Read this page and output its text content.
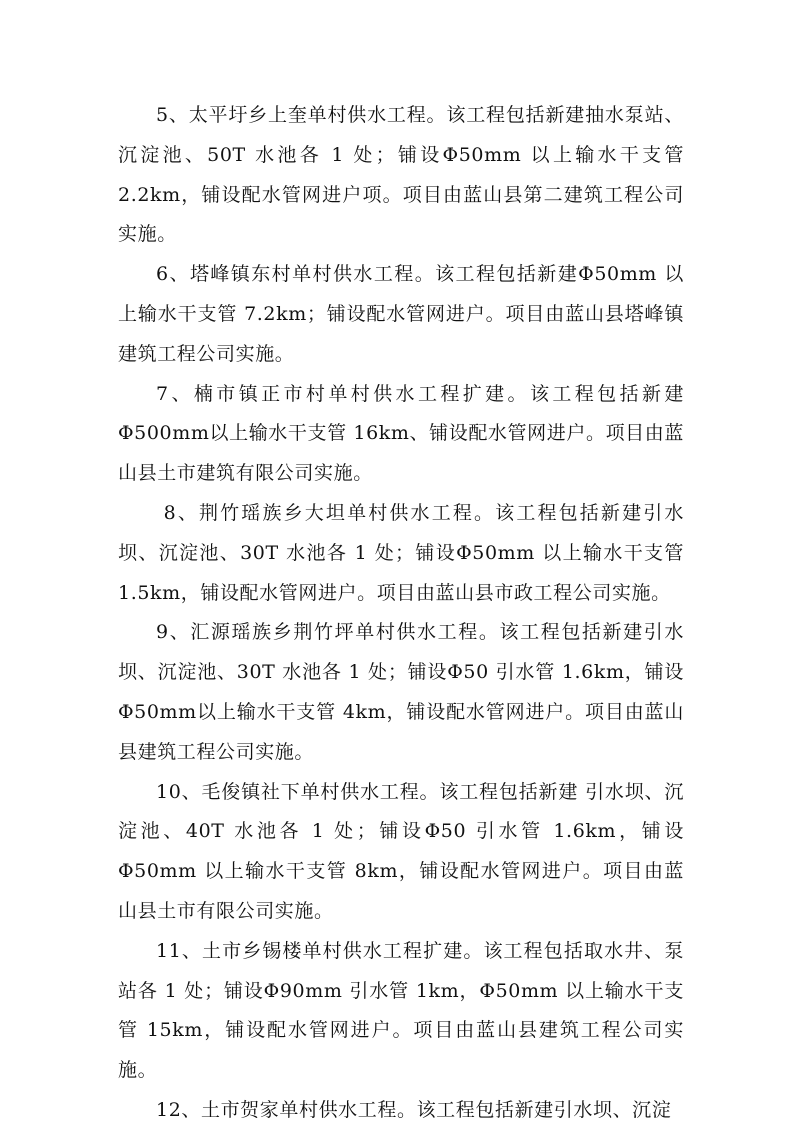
5、太平圩乡上奎单村供水工程。该工程包括新建抽水泵站、沉淀池、50T 水池各 1 处；铺设Φ50mm 以上输水干支管 2.2km，铺设配水管网进户项。项目由蓝山县第二建筑工程公司实施。

6、塔峰镇东村单村供水工程。该工程包括新建Φ50mm 以上输水干支管 7.2km；铺设配水管网进户。项目由蓝山县塔峰镇建筑工程公司实施。

7、楠市镇正市村单村供水工程扩建。该工程包括新建Φ500mm以上输水干支管 16km、铺设配水管网进户。项目由蓝山县土市建筑有限公司实施。

8、荆竹瑶族乡大坦单村供水工程。该工程包括新建引水坝、沉淀池、30T 水池各 1 处；铺设Φ50mm 以上输水干支管 1.5km，铺设配水管网进户。项目由蓝山县市政工程公司实施。

9、汇源瑶族乡荆竹坪单村供水工程。该工程包括新建引水坝、沉淀池、30T 水池各 1 处；铺设Φ50 引水管 1.6km，铺设Φ50mm以上输水干支管 4km，铺设配水管网进户。项目由蓝山县建筑工程公司实施。

10、毛俊镇社下单村供水工程。该工程包括新建 引水坝、沉淀池、40T 水池各 1 处；铺设Φ50 引水管 1.6km，铺设Φ50mm 以上输水干支管 8km，铺设配水管网进户。项目由蓝山县土市有限公司实施。

11、土市乡锡楼单村供水工程扩建。该工程包括取水井、泵站各 1 处；铺设Φ90mm 引水管 1km，Φ50mm 以上输水干支管 15km，铺设配水管网进户。项目由蓝山县建筑工程公司实施。

12、土市贺家单村供水工程。该工程包括新建引水坝、沉淀
